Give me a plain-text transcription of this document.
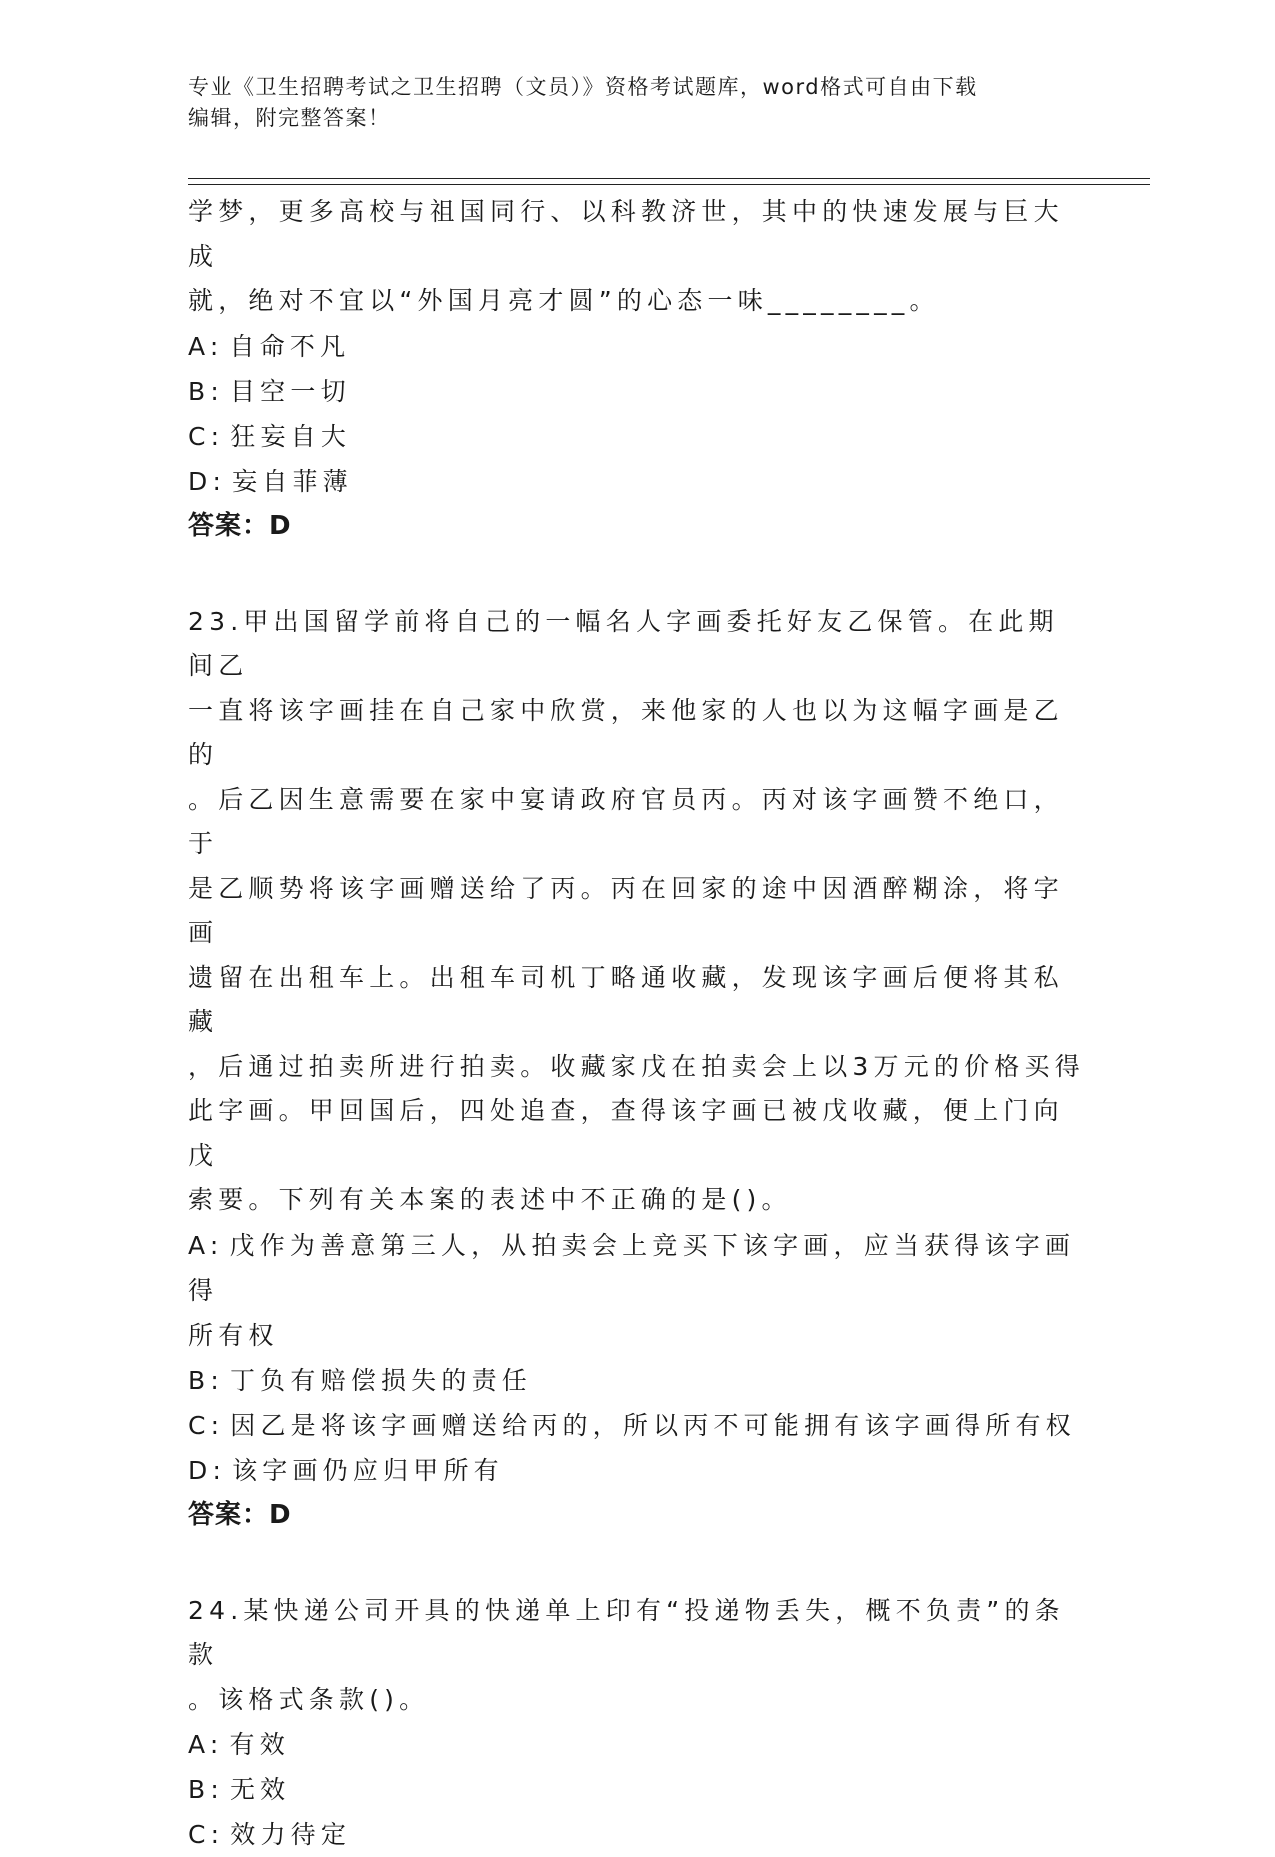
专业《卫生招聘考试之卫生招聘（文员）》资格考试题库，word格式可自由下载
编辑，附完整答案！
学梦，更多高校与祖国同行、以科教济世，其中的快速发展与巨大成
就，绝对不宜以“外国月亮才圆”的心态一味________。
A: 自命不凡
B: 目空一切
C: 狂妄自大
D: 妄自菲薄
答案：D
23.甲出国留学前将自己的一幅名人字画委托好友乙保管。在此期间乙
一直将该字画挂在自己家中欣赏，来他家的人也以为这幅字画是乙的
。后乙因生意需要在家中宴请政府官员丙。丙对该字画赞不绝口，于
是乙顺势将该字画赠送给了丙。丙在回家的途中因酒醉糊涂，将字画
遗留在出租车上。出租车司机丁略通收藏，发现该字画后便将其私藏
，后通过拍卖所进行拍卖。收藏家戊在拍卖会上以3万元的价格买得
此字画。甲回国后，四处追查，查得该字画已被戊收藏，便上门向戊
索要。下列有关本案的表述中不正确的是()。
A: 戊作为善意第三人，从拍卖会上竞买下该字画，应当获得该字画得
所有权
B: 丁负有赔偿损失的责任
C: 因乙是将该字画赠送给丙的，所以丙不可能拥有该字画得所有权
D: 该字画仍应归甲所有
答案：D
24.某快递公司开具的快递单上印有“投递物丢失，概不负责”的条款
。该格式条款()。
A: 有效
B: 无效
C: 效力待定
